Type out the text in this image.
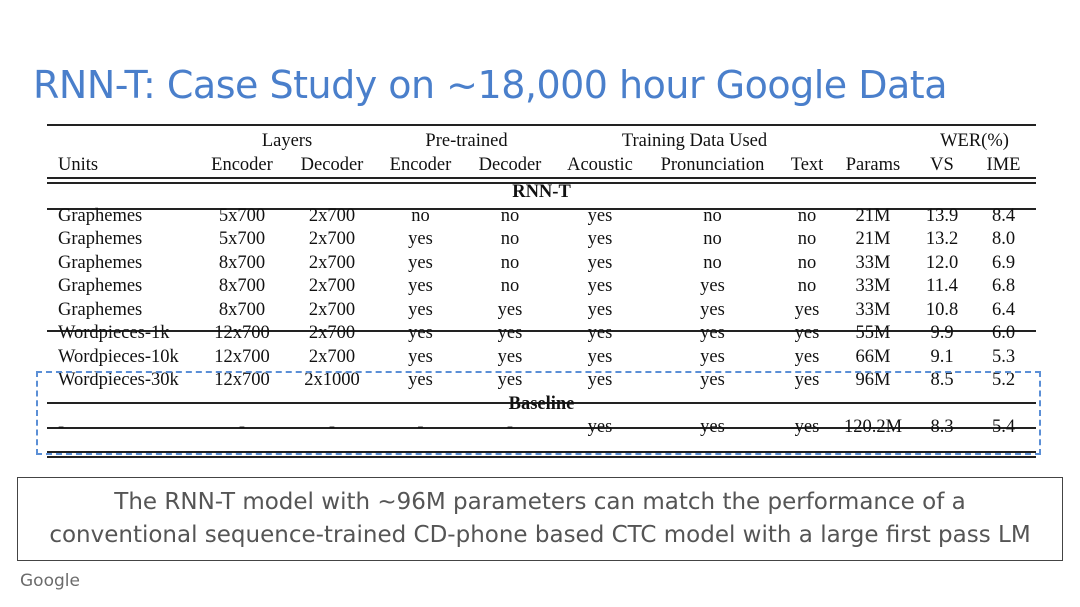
RNN-T: Case Study on ~18,000 hour Google Data

	Layers		Pre-trained		Training Data Used				WER(%)	
Units	Encoder	Decoder	Encoder	Decoder	Acoustic	Pronunciation	Text	Params	VS	IME

RNN-T										
Graphemes	5x700	2x700	no	no	yes	no	no	21M	13.9	8.4
Graphemes	5x700	2x700	yes	no	yes	no	no	21M	13.2	8.0
Graphemes	8x700	2x700	yes	no	yes	no	no	33M	12.0	6.9
Graphemes	8x700	2x700	yes	no	yes	yes	no	33M	11.4	6.8
Graphemes	8x700	2x700	yes	yes	yes	yes	yes	33M	10.8	6.4
Wordpieces-1k	12x700	2x700	yes	yes	yes	yes	yes	55M	9.9	6.0
Wordpieces-10k	12x700	2x700	yes	yes	yes	yes	yes	66M	9.1	5.3
Wordpieces-30k	12x700	2x1000	yes	yes	yes	yes	yes	96M	8.5	5.2
Baseline										
-	-	-	-	-	yes	yes	yes	120.2M	8.3	5.4
The RNN-T model with ~96M parameters can match the performance of a
conventional sequence-trained CD-phone based CTC model with a large first pass LM
Google
